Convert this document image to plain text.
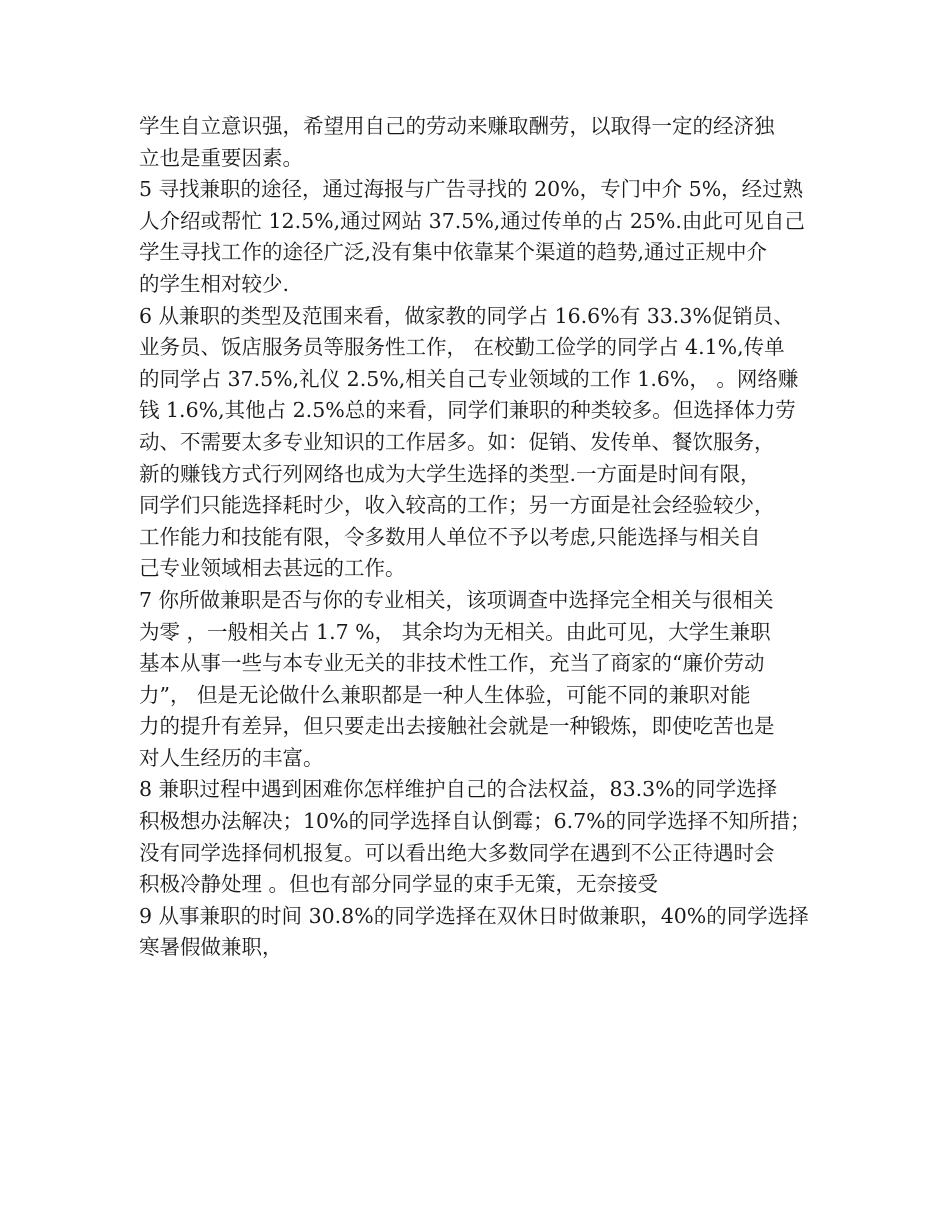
学生自立意识强，希望用自己的劳动来赚取酬劳，以取得一定的经济独
立也是重要因素。
5 寻找兼职的途径，通过海报与广告寻找的 20%，专门中介 5%，经过熟
人介绍或帮忙 12.5%,通过网站 37.5%,通过传单的占 25%.由此可见自己
学生寻找工作的途径广泛,没有集中依靠某个渠道的趋势,通过正规中介
的学生相对较少.
6 从兼职的类型及范围来看，做家教的同学占 16.6%有 33.3%促销员、
业务员、饭店服务员等服务性工作， 在校勤工俭学的同学占 4.1%,传单
的同学占 37.5%,礼仪 2.5%,相关自己专业领域的工作 1.6%， 。网络赚
钱 1.6%,其他占 2.5%总的来看，同学们兼职的种类较多。但选择体力劳
动、不需要太多专业知识的工作居多。如：促销、发传单、餐饮服务，
新的赚钱方式行列网络也成为大学生选择的类型.一方面是时间有限，
同学们只能选择耗时少，收入较高的工作；另一方面是社会经验较少，
工作能力和技能有限，令多数用人单位不予以考虑,只能选择与相关自
己专业领域相去甚远的工作。
7 你所做兼职是否与你的专业相关，该项调查中选择完全相关与很相关
为零 ，一般相关占 1.7 %， 其余均为无相关。由此可见，大学生兼职
基本从事一些与本专业无关的非技术性工作，充当了商家的“廉价劳动
力”， 但是无论做什么兼职都是一种人生体验，可能不同的兼职对能
力的提升有差异，但只要走出去接触社会就是一种锻炼，即使吃苦也是
对人生经历的丰富。
8 兼职过程中遇到困难你怎样维护自己的合法权益，83.3%的同学选择
积极想办法解决；10%的同学选择自认倒霉；6.7%的同学选择不知所措；
没有同学选择伺机报复。可以看出绝大多数同学在遇到不公正待遇时会
积极冷静处理 。但也有部分同学显的束手无策，无奈接受
9 从事兼职的时间 30.8%的同学选择在双休日时做兼职，40%的同学选择
寒暑假做兼职，
